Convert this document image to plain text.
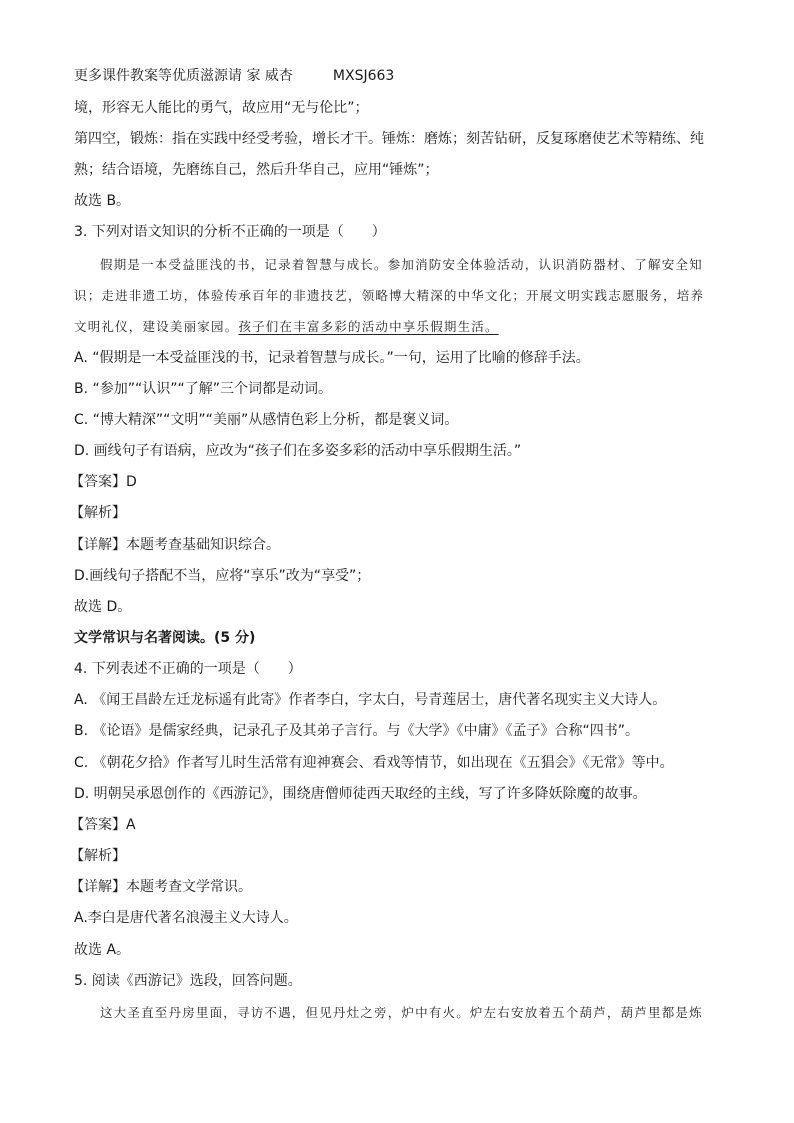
更多课件教案等优质滋源请 家 威杏	MXSJ663
境，形容无人能比的勇气，故应用“无与伦比”；
第四空，锻炼：指在实践中经受考验，增长才干。锤炼：磨炼；刻苦钻研，反复琢磨使艺术等精练、纯
熟；结合语境，先磨练自己，然后升华自己，应用“锤炼”；
故选 B。
3. 下列对语文知识的分析不正确的一项是（　　）
假期是一本受益匪浅的书，记录着智慧与成长。参加消防安全体验活动，认识消防器材、了解安全知
识；走进非遗工坊，体验传承百年的非遗技艺，领略博大精深的中华文化；开展文明实践志愿服务，培养
文明礼仪，建设美丽家园。孩子们在丰富多彩的活动中享乐假期生活。
A. “假期是一本受益匪浅的书，记录着智慧与成长。”一句，运用了比喻的修辞手法。
B. “参加”“认识”“了解”三个词都是动词。
C. “博大精深”“文明”“美丽”从感情色彩上分析，都是褒义词。
D. 画线句子有语病，应改为“孩子们在多姿多彩的活动中享乐假期生活。”
【答案】D
【解析】
【详解】本题考查基础知识综合。
D.画线句子搭配不当，应将“享乐”改为“享受”；
故选 D。
文学常识与名著阅读。(5 分)
4. 下列表述不正确的一项是（　　）
A. 《闻王昌龄左迁龙标遥有此寄》作者李白，字太白，号青莲居士，唐代著名现实主义大诗人。
B. 《论语》是儒家经典，记录孔子及其弟子言行。与《大学》《中庸》《孟子》合称“四书”。
C. 《朝花夕拾》作者写儿时生活常有迎神赛会、看戏等情节，如出现在《五猖会》《无常》等中。
D. 明朝吴承恩创作的《西游记》，围绕唐僧师徒西天取经的主线，写了许多降妖除魔的故事。
【答案】A
【解析】
【详解】本题考查文学常识。
A.李白是唐代著名浪漫主义大诗人。
故选 A。
5. 阅读《西游记》选段，回答问题。
这大圣直至丹房里面，寻访不遇，但见丹灶之旁，炉中有火。炉左右安放着五个葫芦，葫芦里都是炼
